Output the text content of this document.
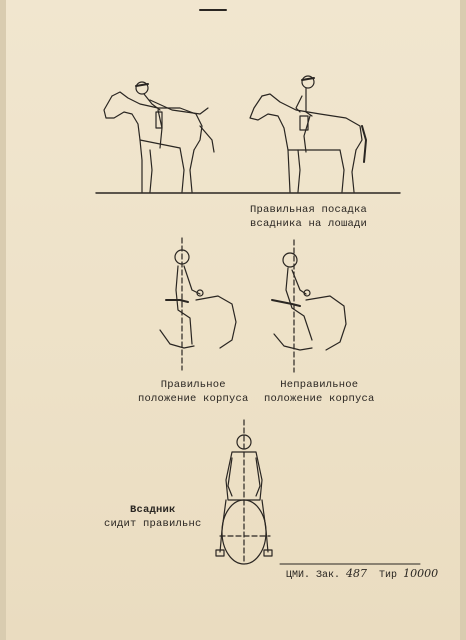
Правильная посадка
всадника на лошади
Правильное
положение корпуса
Неправильное
положение корпуса
Всадник
сидит правильнс
ЦМИ. Зак. 487 Тир 10000
